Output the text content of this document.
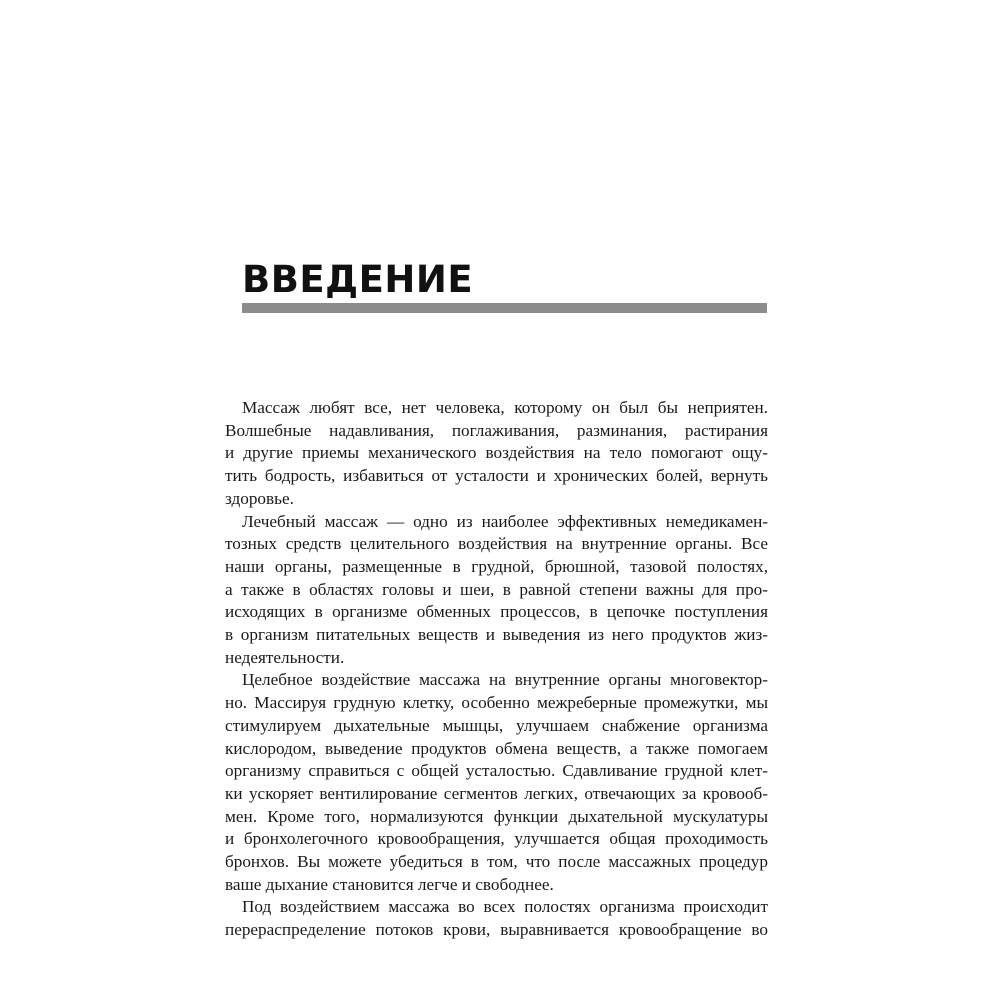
ВВЕДЕНИЕ

Массаж любят все, нет человека, которому он был бы неприятен.
Волшебные надавливания, поглаживания, разминания, растирания
и другие приемы механического воздействия на тело помогают ощу-
тить бодрость, избавиться от усталости и хронических болей, вернуть
здоровье.

Лечебный массаж — одно из наиболее эффективных немедикамен-
тозных средств целительного воздействия на внутренние органы. Все
наши органы, размещенные в грудной, брюшной, тазовой полостях,
а также в областях головы и шеи, в равной степени важны для про-
исходящих в организме обменных процессов, в цепочке поступления
в организм питательных веществ и выведения из него продуктов жиз-
недеятельности.

Целебное воздействие массажа на внутренние органы многовектор-
но. Массируя грудную клетку, особенно межреберные промежутки, мы
стимулируем дыхательные мышцы, улучшаем снабжение организма
кислородом, выведение продуктов обмена веществ, а также помогаем
организму справиться с общей усталостью. Сдавливание грудной клет-
ки ускоряет вентилирование сегментов легких, отвечающих за кровооб-
мен. Кроме того, нормализуются функции дыхательной мускулатуры
и бронхолегочного кровообращения, улучшается общая проходимость
бронхов. Вы можете убедиться в том, что после массажных процедур
ваше дыхание становится легче и свободнее.

Под воздействием массажа во всех полостях организма происходит
перераспределение потоков крови, выравнивается кровообращение во
